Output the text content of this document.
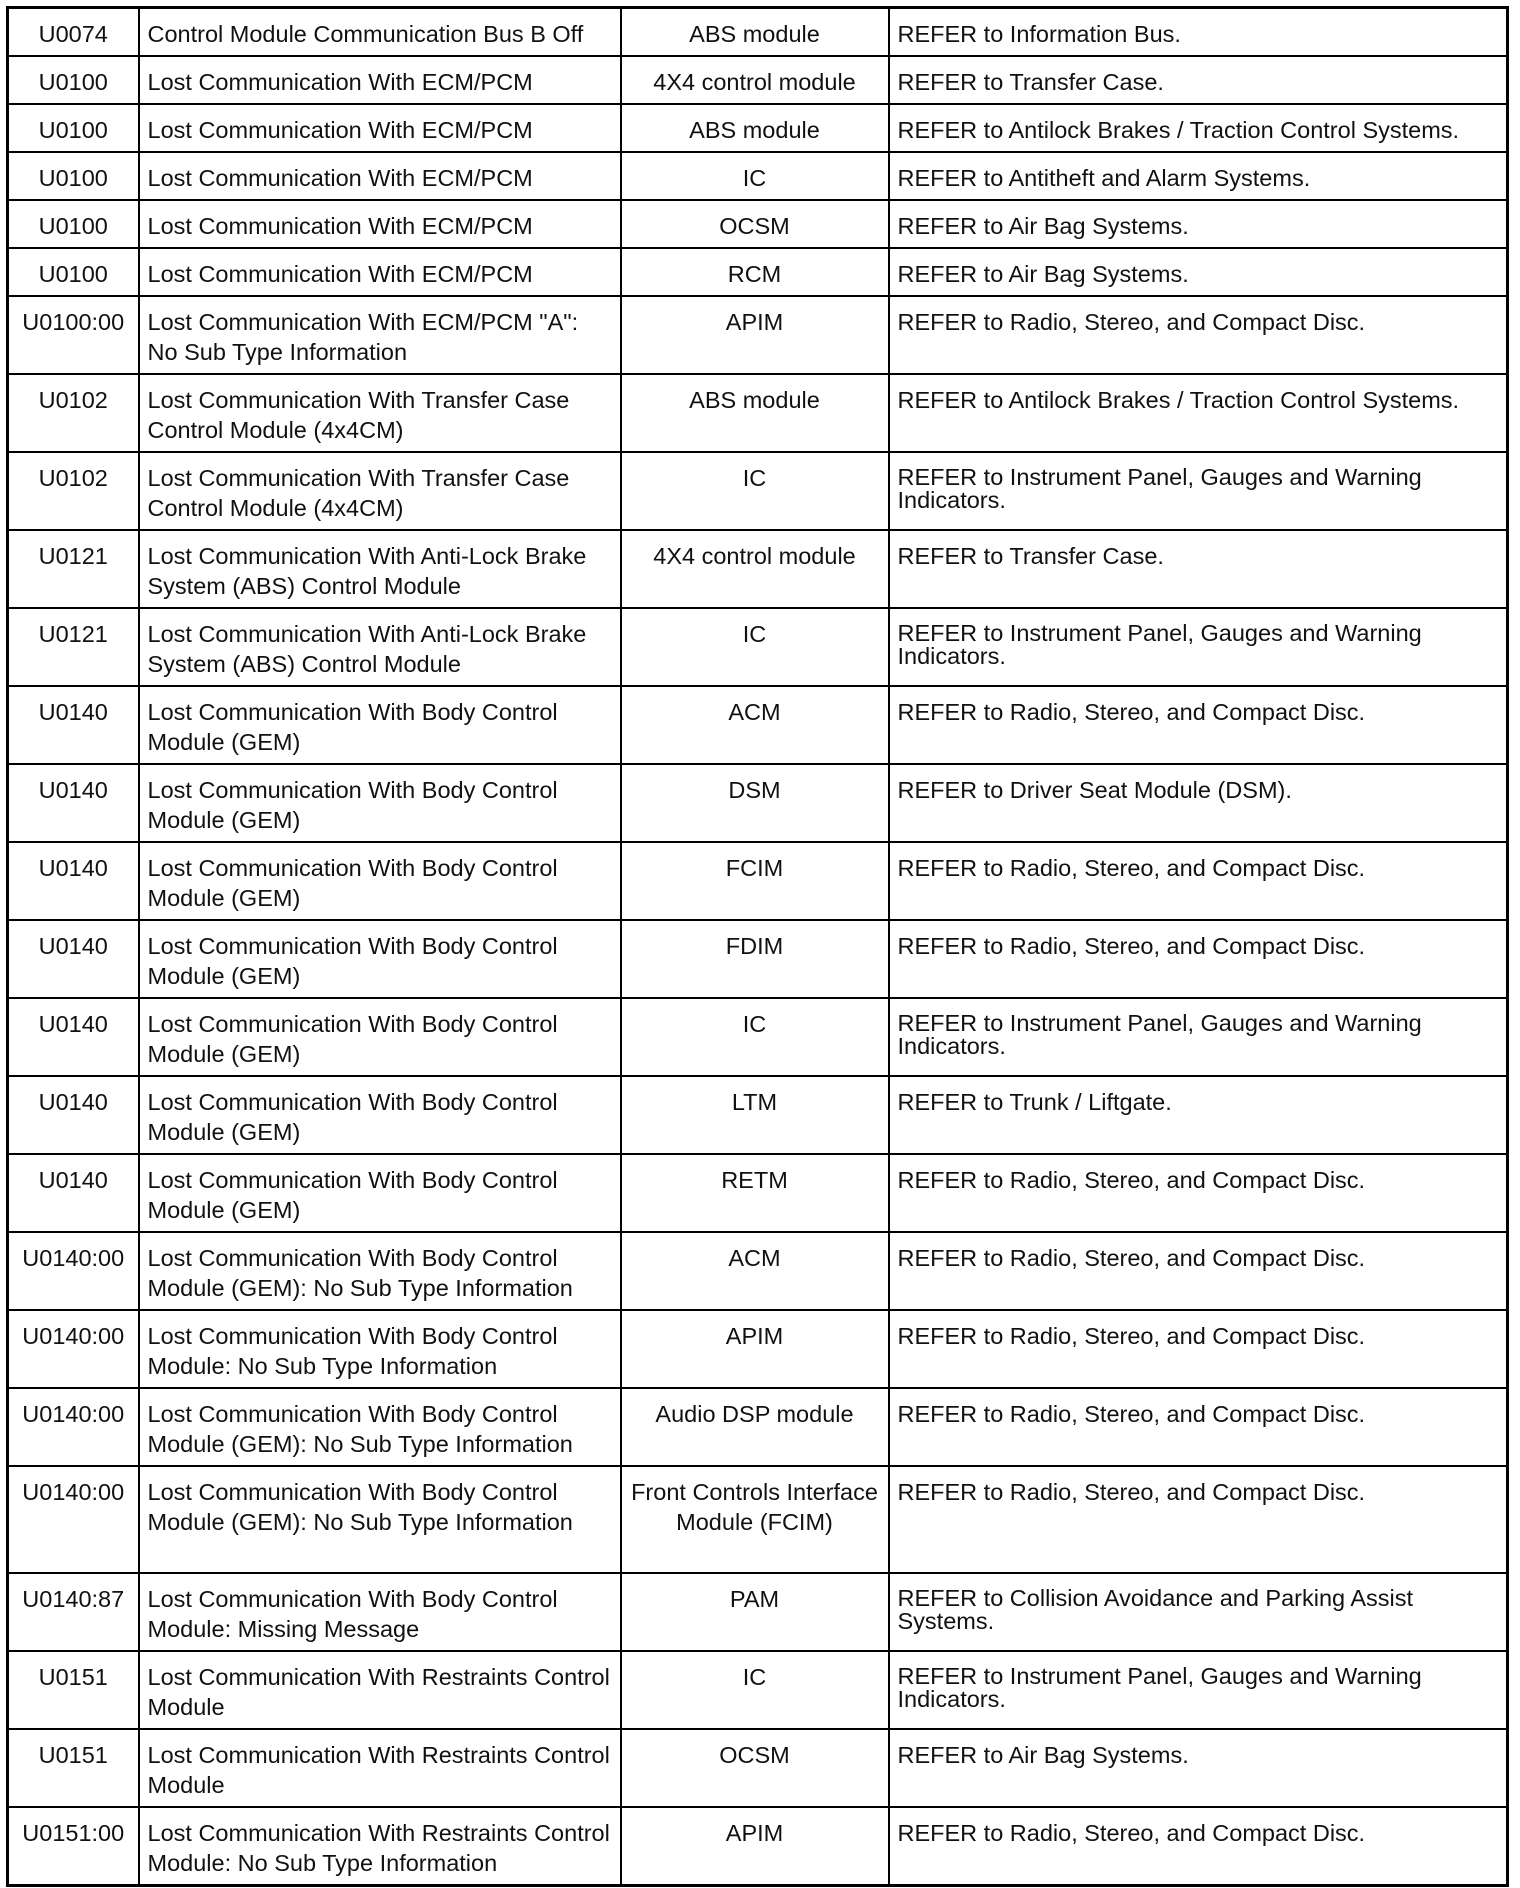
U0074	Control Module Communication Bus B Off	ABS module	REFER to Information Bus.
U0100	Lost Communication With ECM/PCM	4X4 control module	REFER to Transfer Case.
U0100	Lost Communication With ECM/PCM	ABS module	REFER to Antilock Brakes / Traction Control Systems.
U0100	Lost Communication With ECM/PCM	IC	REFER to Antitheft and Alarm Systems.
U0100	Lost Communication With ECM/PCM	OCSM	REFER to Air Bag Systems.
U0100	Lost Communication With ECM/PCM	RCM	REFER to Air Bag Systems.
U0100:00	Lost Communication With ECM/PCM "A": No Sub Type Information	APIM	REFER to Radio, Stereo, and Compact Disc.
U0102	Lost Communication With Transfer Case Control Module (4x4CM)	ABS module	REFER to Antilock Brakes / Traction Control Systems.
U0102	Lost Communication With Transfer Case Control Module (4x4CM)	IC	REFER to Instrument Panel, Gauges and Warning Indicators.
U0121	Lost Communication With Anti-Lock Brake System (ABS) Control Module	4X4 control module	REFER to Transfer Case.
U0121	Lost Communication With Anti-Lock Brake System (ABS) Control Module	IC	REFER to Instrument Panel, Gauges and Warning Indicators.
U0140	Lost Communication With Body Control Module (GEM)	ACM	REFER to Radio, Stereo, and Compact Disc.
U0140	Lost Communication With Body Control Module (GEM)	DSM	REFER to Driver Seat Module (DSM).
U0140	Lost Communication With Body Control Module (GEM)	FCIM	REFER to Radio, Stereo, and Compact Disc.
U0140	Lost Communication With Body Control Module (GEM)	FDIM	REFER to Radio, Stereo, and Compact Disc.
U0140	Lost Communication With Body Control Module (GEM)	IC	REFER to Instrument Panel, Gauges and Warning Indicators.
U0140	Lost Communication With Body Control Module (GEM)	LTM	REFER to Trunk / Liftgate.
U0140	Lost Communication With Body Control Module (GEM)	RETM	REFER to Radio, Stereo, and Compact Disc.
U0140:00	Lost Communication With Body Control Module (GEM): No Sub Type Information	ACM	REFER to Radio, Stereo, and Compact Disc.
U0140:00	Lost Communication With Body Control Module: No Sub Type Information	APIM	REFER to Radio, Stereo, and Compact Disc.
U0140:00	Lost Communication With Body Control Module (GEM): No Sub Type Information	Audio DSP module	REFER to Radio, Stereo, and Compact Disc.
U0140:00	Lost Communication With Body Control Module (GEM): No Sub Type Information	Front Controls Interface Module (FCIM)	REFER to Radio, Stereo, and Compact Disc.
U0140:87	Lost Communication With Body Control Module: Missing Message	PAM	REFER to Collision Avoidance and Parking Assist Systems.
U0151	Lost Communication With Restraints Control Module	IC	REFER to Instrument Panel, Gauges and Warning Indicators.
U0151	Lost Communication With Restraints Control Module	OCSM	REFER to Air Bag Systems.
U0151:00	Lost Communication With Restraints Control Module: No Sub Type Information	APIM	REFER to Radio, Stereo, and Compact Disc.
